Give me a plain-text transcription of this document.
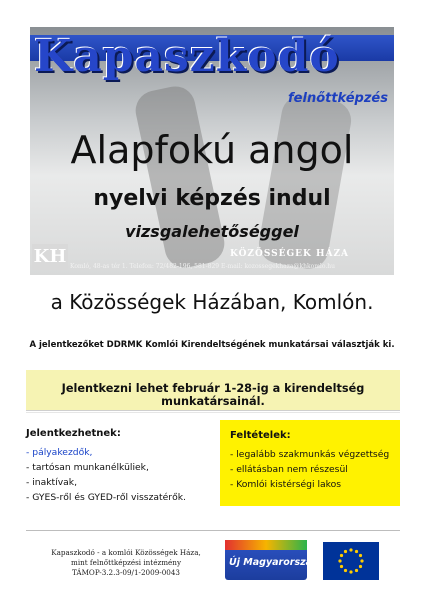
Kapaszkodó
felnőttképzés
Alapfokú angol
nyelvi képzés indul
vizsgalehetőséggel
KH	KÖZÖSSÉGEK HÁZA
Komló, 48-as tér 1. Telefon: 72/482-196, 581-829 E-mail: kozossegekhaza@khkomlo.hu
a Közösségek Házában, Komlón.
A jelentkezőket DDRMK Komlói Kirendeltségének munkatársai választják ki.

Jelentkezni lehet február 1-28-ig a kirendeltség munkatársainál.

Jelentkezhetnek:

- pályakezdők,
- tartósan munkanélküliek,
- inaktívak,
- GYES-ről és GYED-ről visszatérők.

Feltételek:

- legalább szakmunkás végzettség
- ellátásban nem részesül
- Komlói kistérségi lakos
Kapaszkodó - a komlói Közösségek Háza,
mint felnőttképzési intézmény
TÁMOP-3.2.3-09/1-2009-0043
Új Magyarország
